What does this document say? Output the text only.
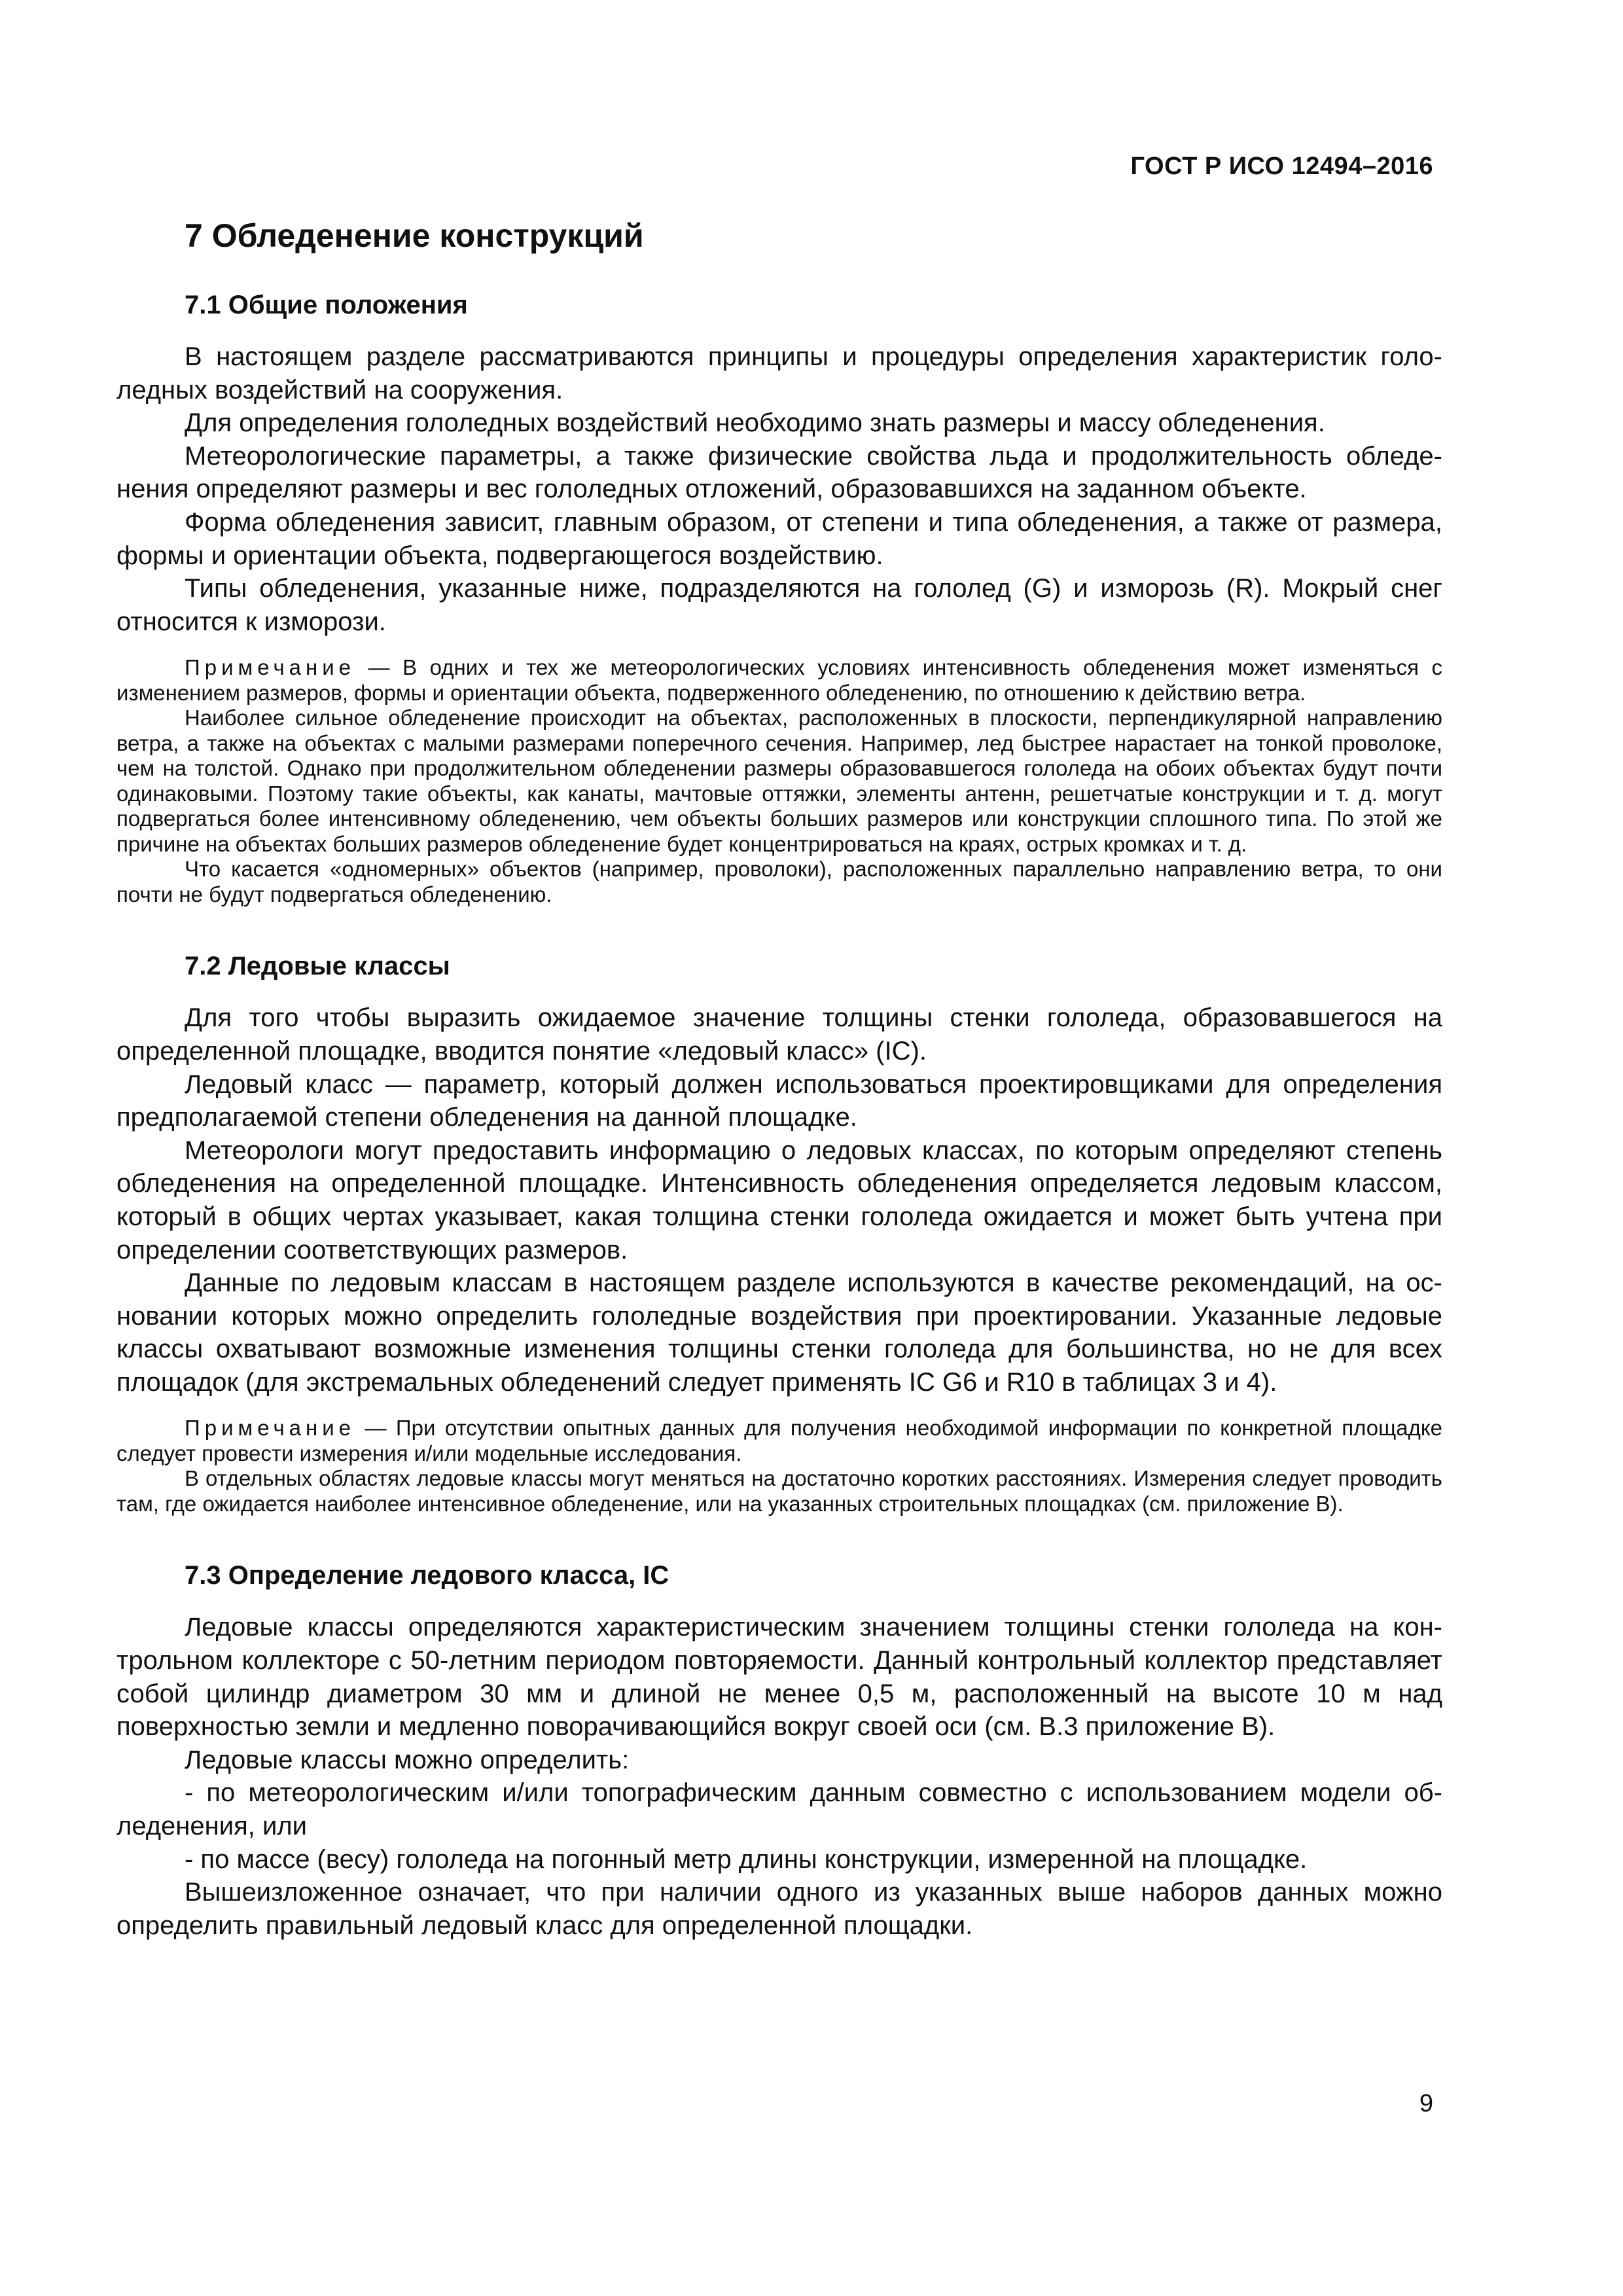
ГОСТ Р ИСО 12494–2016
7 Обледенение конструкций
7.1 Общие положения

В настоящем разделе рассматриваются принципы и процедуры определения характеристик гололедных воздействий на сооружения.

Для определения гололедных воздействий необходимо знать размеры и массу обледенения.

Метеорологические параметры, а также физические свойства льда и продолжительность обледенения определяют размеры и вес гололедных отложений, образовавшихся на заданном объекте.

Форма обледенения зависит, главным образом, от степени и типа обледенения, а также от размера, формы и ориентации объекта, подвергающегося воздействию.

Типы обледенения, указанные ниже, подразделяются на гололед (G) и изморозь (R). Мокрый снег относится к изморози.

Примечание — В одних и тех же метеорологических условиях интенсивность обледенения может изменяться с изменением размеров, формы и ориентации объекта, подверженного обледенению, по отношению к действию ветра.

Наиболее сильное обледенение происходит на объектах, расположенных в плоскости, перпендикулярной направлению ветра, а также на объектах с малыми размерами поперечного сечения. Например, лед быстрее нарастает на тонкой проволоке, чем на толстой. Однако при продолжительном обледенении размеры образовавшегося гололеда на обоих объектах будут почти одинаковыми. Поэтому такие объекты, как канаты, мачтовые оттяжки, элементы антенн, решетчатые конструкции и т. д. могут подвергаться более интенсивному обледенению, чем объекты больших размеров или конструкции сплошного типа. По этой же причине на объектах больших размеров обледенение будет концентрироваться на краях, острых кромках и т. д.

Что касается «одномерных» объектов (например, проволоки), расположенных параллельно направлению ветра, то они почти не будут подвергаться обледенению.

7.2 Ледовые классы

Для того чтобы выразить ожидаемое значение толщины стенки гололеда, образовавшегося на определенной площадке, вводится понятие «ледовый класс» (IC).

Ледовый класс — параметр, который должен использоваться проектировщиками для определения предполагаемой степени обледенения на данной площадке.

Метеорологи могут предоставить информацию о ледовых классах, по которым определяют степень обледенения на определенной площадке. Интенсивность обледенения определяется ледовым классом, который в общих чертах указывает, какая толщина стенки гололеда ожидается и может быть учтена при определении соответствующих размеров.

Данные по ледовым классам в настоящем разделе используются в качестве рекомендаций, на основании которых можно определить гололедные воздействия при проектировании. Указанные ледовые классы охватывают возможные изменения толщины стенки гололеда для большинства, но не для всех площадок (для экстремальных обледенений следует применять IC G6 и R10 в таблицах 3 и 4).

Примечание — При отсутствии опытных данных для получения необходимой информации по конкретной площадке следует провести измерения и/или модельные исследования.

В отдельных областях ледовые классы могут меняться на достаточно коротких расстояниях. Измерения следует проводить там, где ожидается наиболее интенсивное обледенение, или на указанных строительных площадках (см. приложение В).

7.3 Определение ледового класса, IC

Ледовые классы определяются характеристическим значением толщины стенки гололеда на контрольном коллекторе с 50-летним периодом повторяемости. Данный контрольный коллектор представляет собой цилиндр диаметром 30 мм и длиной не менее 0,5 м, расположенный на высоте 10 м над поверхностью земли и медленно поворачивающийся вокруг своей оси (см. В.3 приложение В).

Ледовые классы можно определить:

- по метеорологическим и/или топографическим данным совместно с использованием модели обледенения, или

- по массе (весу) гололеда на погонный метр длины конструкции, измеренной на площадке.

Вышеизложенное означает, что при наличии одного из указанных выше наборов данных можно определить правильный ледовый класс для определенной площадки.

9
